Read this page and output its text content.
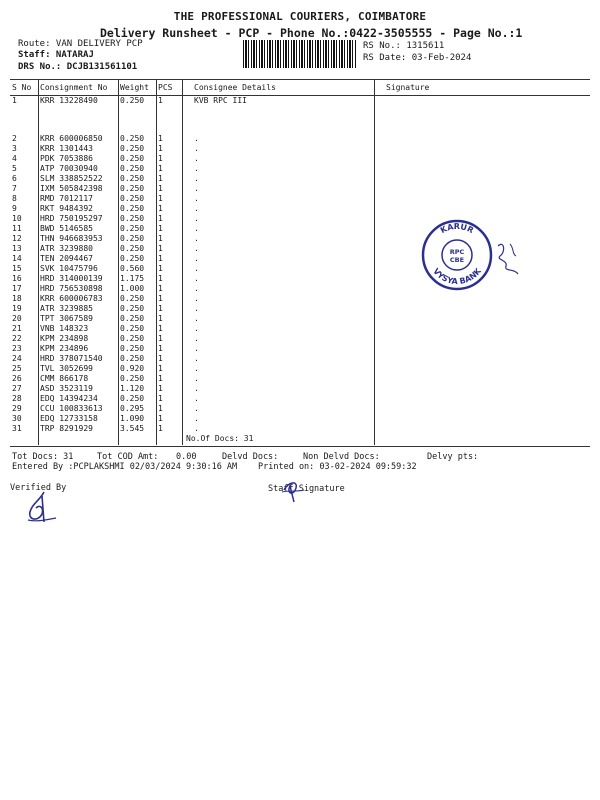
THE PROFESSIONAL COURIERS, COIMBATORE
Delivery Runsheet - PCP - Phone No.:0422-3505555 - Page No.:1
Route: VAN DELIVERY PCP
Staff: NATARAJ
DRS No.: DCJB131561101
RS No.: 1315611
RS Date: 03-Feb-2024
S No	Consignment No	Weight	PCS	Consignee Details	Signature
1	KRR 13228490	0.250	1	KVB RPC III	
2	KRR 600006850	0.250	1	.	
3	KRR 1301443	0.250	1	.	
4	PDK 7053886	0.250	1	.	
5	ATP 70030940	0.250	1	.	
6	SLM 338852522	0.250	1	.	
7	IXM 505842398	0.250	1	.	
8	RMD 7012117	0.250	1	.	
9	RKT 9484392	0.250	1	.	
10	HRD 750195297	0.250	1	.	
11	BWD 5146585	0.250	1	.	
12	THN 946683953	0.250	1	.	
13	ATR 3239880	0.250	1	.	
14	TEN 2094467	0.250	1	.	
15	SVK 10475796	0.560	1	.	
16	HRD 314000139	1.175	1	.	
17	HRD 756530898	1.000	1	.	
18	KRR 600006783	0.250	1	.	
19	ATR 3239885	0.250	1	.	
20	TPT 3067589	0.250	1	.	
21	VNB 148323	0.250	1	.	
22	KPM 234898	0.250	1	.	
23	KPM 234896	0.250	1	.	
24	HRD 378071540	0.250	1	.	
25	TVL 3052699	0.920	1	.	
26	CMM 866178	0.250	1	.	
27	ASD 3523119	1.120	1	.	
28	EDQ 14394234	0.250	1	.	
29	CCU 100833613	0.295	1	.	
30	EDQ 12733158	1.090	1	.	
31	TRP 8291929	3.545	1	.	
No.Of Docs: 31
Tot Docs: 31	Tot COD Amt: 0.00	Delvd Docs:	Non Delvd Docs:	Delvy pts:
Entered By :PCPLAKSHMI 02/03/2024 9:30:16 AM Printed on: 03-02-2024 09:59:32
Verified By	Staff Signature
KARUR
VYSYA BANK
RPC
CBE
